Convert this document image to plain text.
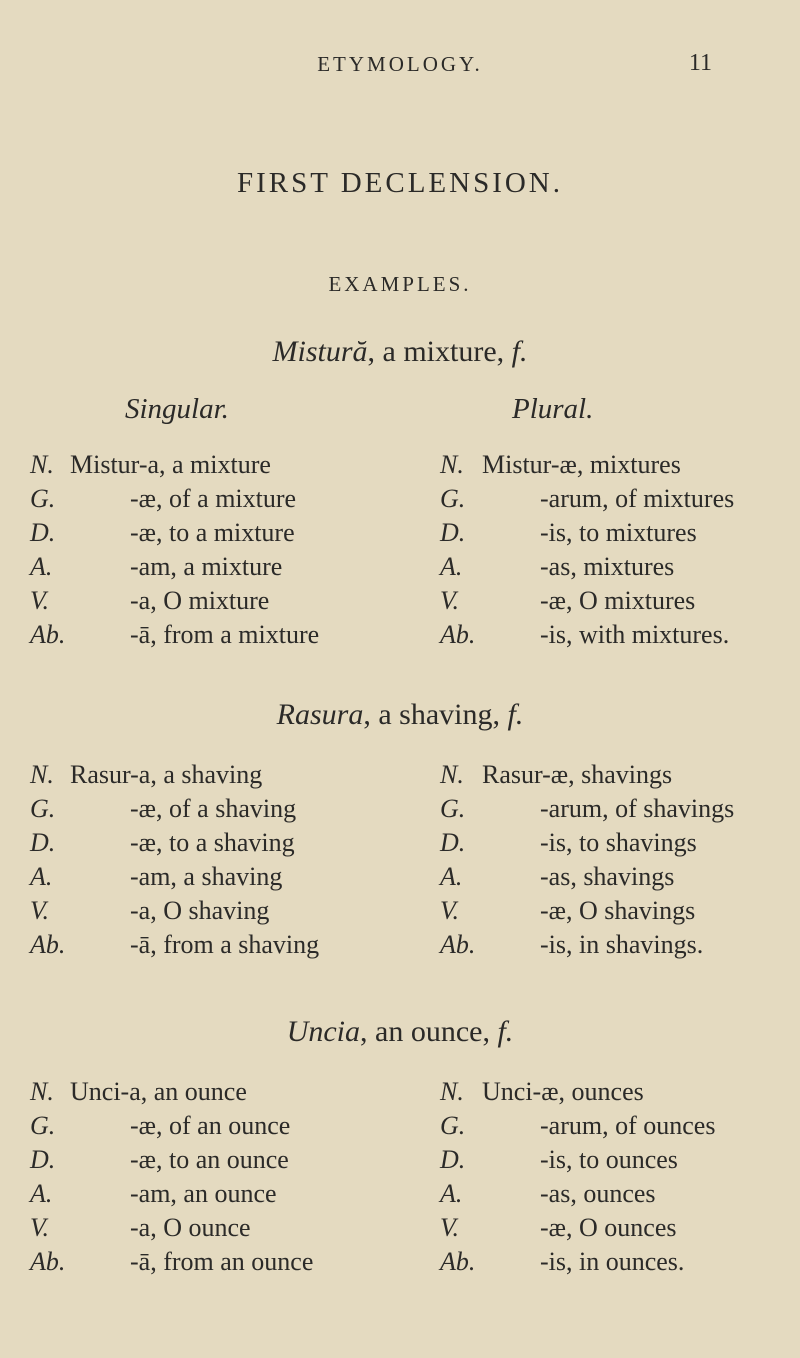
ETYMOLOGY.	11
FIRST DECLENSION.
EXAMPLES.
Mistură, a mixture, f.
Singular.	Plural.
N. Mistur-a, a mixture	N. Mistur-æ, mixtures
G.	-æ, of a mixture	G.	-arum, of mixtures
D.	-æ, to a mixture	D.	-is, to mixtures
A.	-am, a mixture	A.	-as, mixtures
V.	-a, O mixture	V.	-æ, O mixtures
Ab. -ā, from a mixture	Ab. -is, with mixtures.
Rasura, a shaving, f.
N. Rasur-a, a shaving	N. Rasur-æ, shavings
G.	-æ, of a shaving	G.	-arum, of shavings
D.	-æ, to a shaving	D.	-is, to shavings
A.	-am, a shaving	A.	-as, shavings
V.	-a, O shaving	V.	-æ, O shavings
Ab. -ā, from a shaving	Ab. -is, in shavings.
Uncia, an ounce, f.
N. Unci-a, an ounce	N. Unci-æ, ounces
G.	-æ, of an ounce	G.	-arum, of ounces
D.	-æ, to an ounce	D.	-is, to ounces
A.	-am, an ounce	A.	-as, ounces
V.	-a, O ounce	V.	-æ, O ounces
Ab. -ā, from an ounce	Ab. -is, in ounces.
